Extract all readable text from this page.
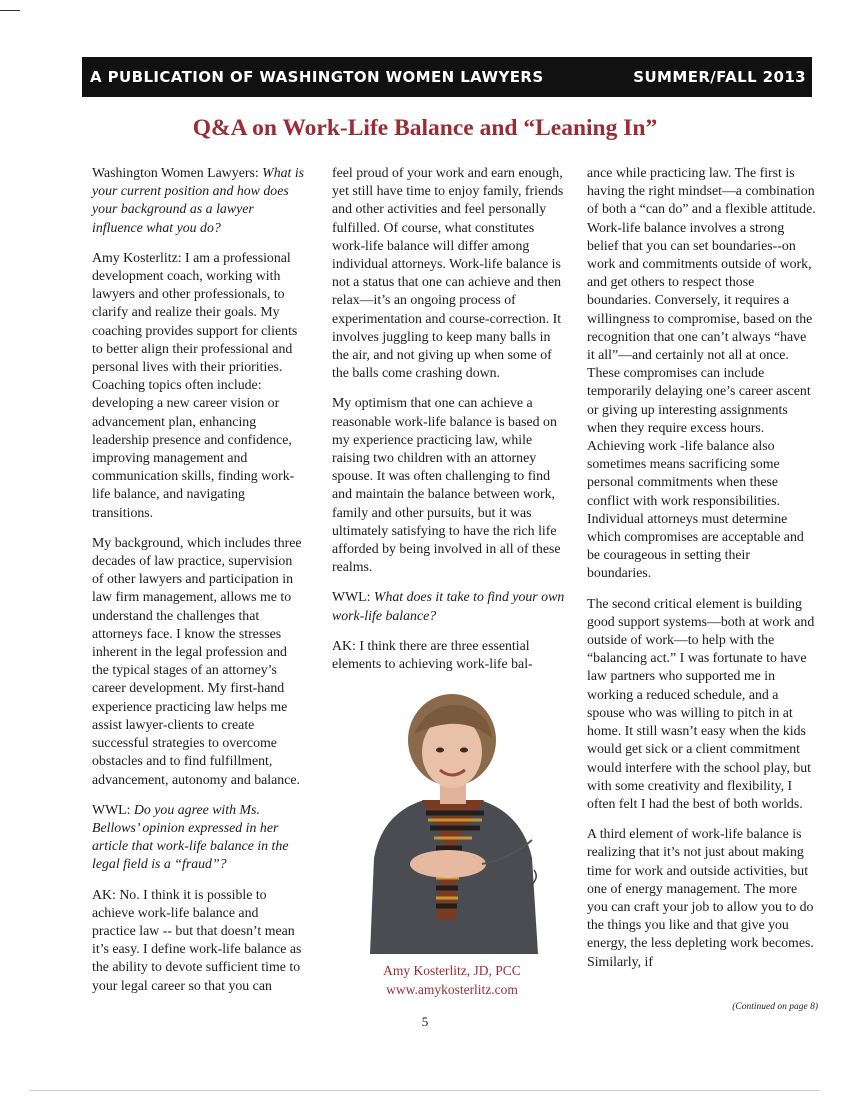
A PUBLICATION OF WASHINGTON WOMEN LAWYERS	SUMMER/FALL 2013
Q&A on Work-Life Balance and “Leaning In”

Washington Women Lawyers: What is your current position and how does your background as a lawyer influence what you do?

Amy Kosterlitz: I am a professional development coach, working with lawyers and other professionals, to clarify and realize their goals. My coaching provides support for clients to better align their professional and personal lives with their priorities. Coaching topics often include: developing a new career vision or advancement plan, enhancing leadership presence and confidence, improving management and communication skills, finding work-life balance, and navigating transitions.

My background, which includes three decades of law practice, supervision of other lawyers and participation in law firm management, allows me to understand the challenges that attorneys face. I know the stresses inherent in the legal profession and the typical stages of an attorney’s career development. My first-hand experience practicing law helps me assist lawyer-clients to create successful strategies to overcome obstacles and to find fulfillment, advancement, autonomy and balance.

WWL: Do you agree with Ms. Bellows’ opinion expressed in her article that work-life balance in the legal field is a “fraud”?

AK: No. I think it is possible to achieve work-life balance and practice law -- but that doesn’t mean it’s easy. I define work-life balance as the ability to devote sufficient time to your legal career so that you can

feel proud of your work and earn enough, yet still have time to enjoy family, friends and other activities and feel personally fulfilled. Of course, what constitutes work-life balance will differ among individual attorneys. Work-life balance is not a status that one can achieve and then relax—it’s an ongoing process of experimentation and course-correction. It involves juggling to keep many balls in the air, and not giving up when some of the balls come crashing down.

My optimism that one can achieve a reasonable work-life balance is based on my experience practicing law, while raising two children with an attorney spouse. It was often challenging to find and maintain the balance between work, family and other pursuits, but it was ultimately satisfying to have the rich life afforded by being involved in all of these realms.

WWL: What does it take to find your own work-life balance?

AK: I think there are three essential elements to achieving work-life bal-

Amy Kosterlitz, JD, PCC
www.amykosterlitz.com

ance while practicing law. The first is having the right mindset—a combination of both a “can do” and a flexible attitude. Work-life balance involves a strong belief that you can set boundaries--on work and commitments outside of work, and get others to respect those boundaries. Conversely, it requires a willingness to compromise, based on the recognition that one can’t always “have it all”—and certainly not all at once. These compromises can include temporarily delaying one’s career ascent or giving up interesting assignments when they require excess hours. Achieving work -life balance also sometimes means sacrificing some personal commitments when these conflict with work responsibilities. Individual attorneys must determine which compromises are acceptable and be courageous in setting their boundaries.

The second critical element is building good support systems—both at work and outside of work—to help with the “balancing act.” I was fortunate to have law partners who supported me in working a reduced schedule, and a spouse who was willing to pitch in at home. It still wasn’t easy when the kids would get sick or a client commitment would interfere with the school play, but with some creativity and flexibility, I often felt I had the best of both worlds.

A third element of work-life balance is realizing that it’s not just about making time for work and outside activities, but one of energy management. The more you can craft your job to allow you to do the things you like and that give you energy, the less depleting work becomes. Similarly, if

(Continued on page 8)
5
